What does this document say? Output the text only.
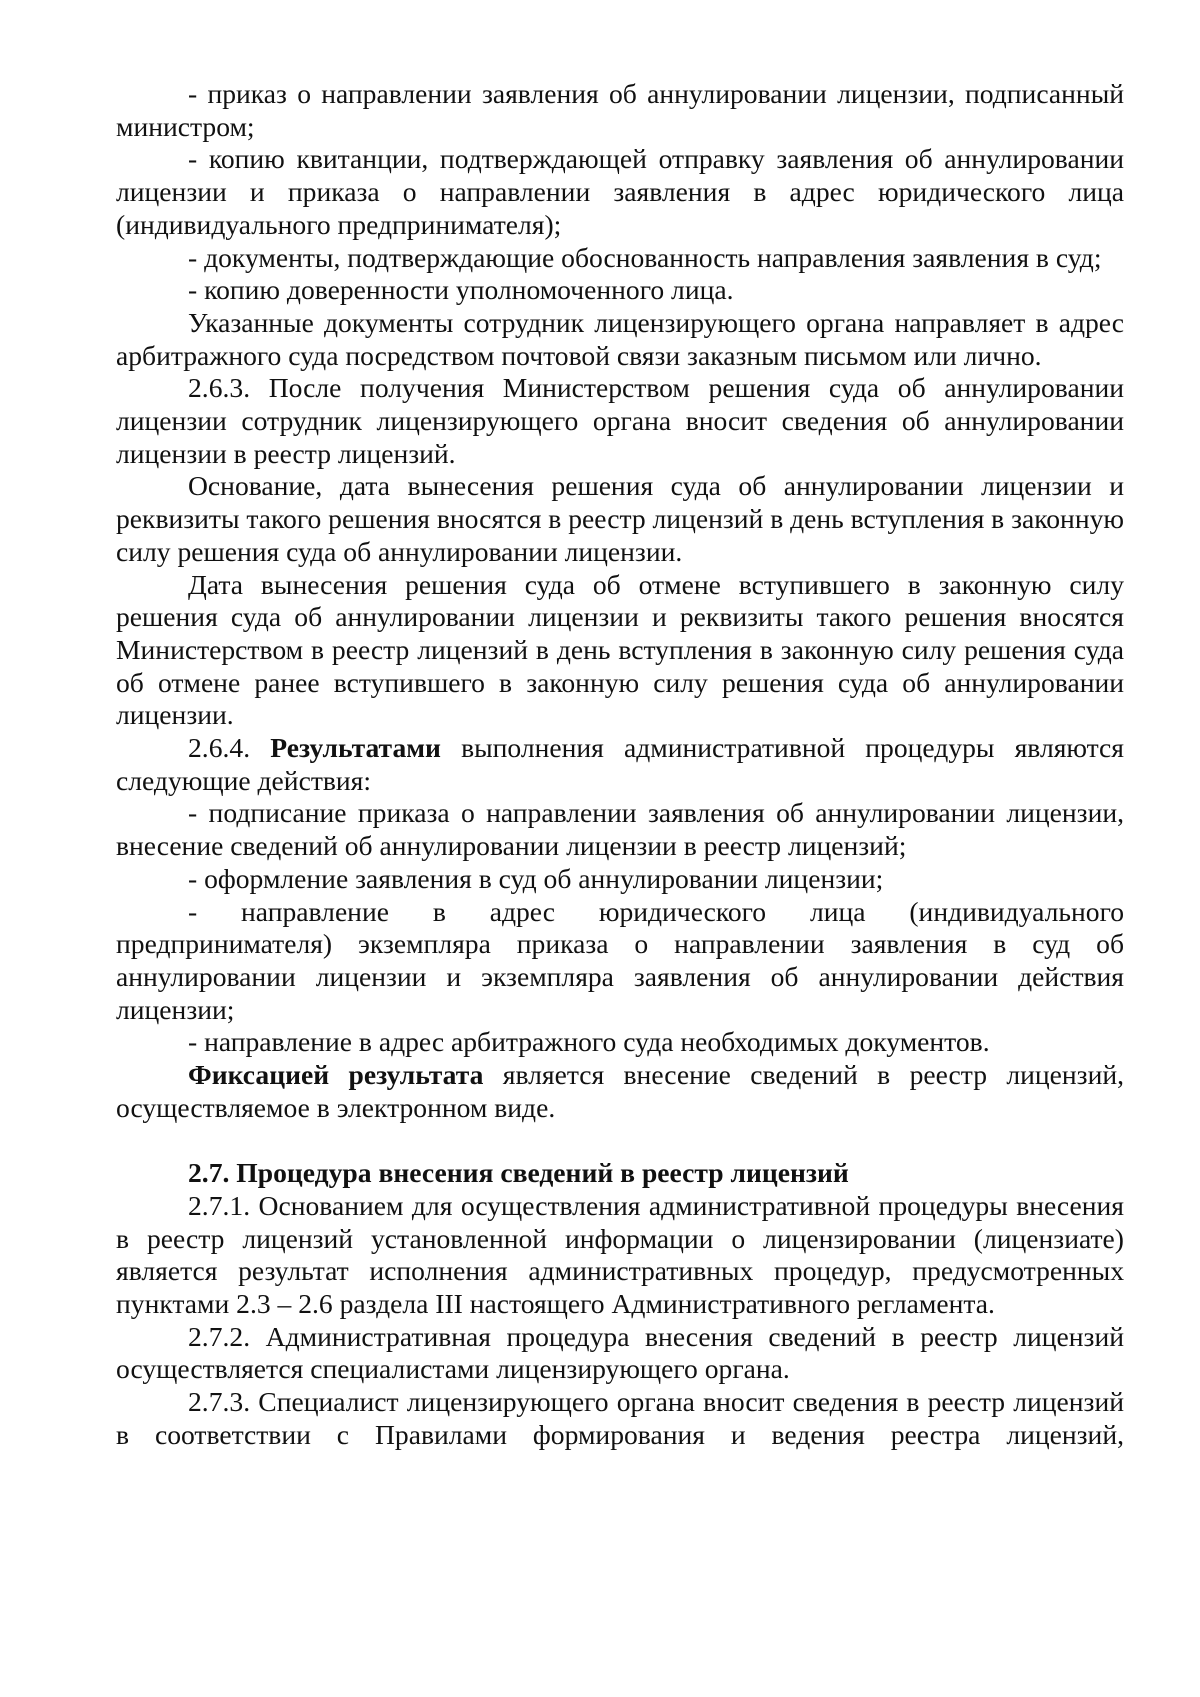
- приказ о направлении заявления об аннулировании лицензии, подписанный министром;

- копию квитанции, подтверждающей отправку заявления об аннулировании лицензии и приказа о направлении заявления в адрес юридического лица (индивидуального предпринимателя);

- документы, подтверждающие обоснованность направления заявления в суд;

- копию доверенности уполномоченного лица.

Указанные документы сотрудник лицензирующего органа направляет в адрес арбитражного суда посредством почтовой связи заказным письмом или лично.

2.6.3. После получения Министерством решения суда об аннулировании лицензии сотрудник лицензирующего органа вносит сведения об аннулировании лицензии в реестр лицензий.

Основание, дата вынесения решения суда об аннулировании лицензии и реквизиты такого решения вносятся в реестр лицензий в день вступления в законную силу решения суда об аннулировании лицензии.

Дата вынесения решения суда об отмене вступившего в законную силу решения суда об аннулировании лицензии и реквизиты такого решения вносятся Министерством в реестр лицензий в день вступления в законную силу решения суда об отмене ранее вступившего в законную силу решения суда об аннулировании лицензии.

2.6.4. Результатами выполнения административной процедуры являются следующие действия:

- подписание приказа о направлении заявления об аннулировании лицензии, внесение сведений об аннулировании лицензии в реестр лицензий;

- оформление заявления в суд об аннулировании лицензии;

- направление в адрес юридического лица (индивидуального предпринимателя) экземпляра приказа о направлении заявления в суд об аннулировании лицензии и экземпляра заявления об аннулировании действия лицензии;

- направление в адрес арбитражного суда необходимых документов.

Фиксацией результата является внесение сведений в реестр лицензий, осуществляемое в электронном виде.

2.7. Процедура внесения сведений в реестр лицензий

2.7.1. Основанием для осуществления административной процедуры внесения в реестр лицензий установленной информации о лицензировании (лицензиате) является результат исполнения административных процедур, предусмотренных пунктами 2.3 – 2.6 раздела III настоящего Административного регламента.

2.7.2. Административная процедура внесения сведений в реестр лицензий осуществляется специалистами лицензирующего органа.

2.7.3. Специалист лицензирующего органа вносит сведения в реестр лицензий в соответствии с Правилами формирования и ведения реестра лицензий,
